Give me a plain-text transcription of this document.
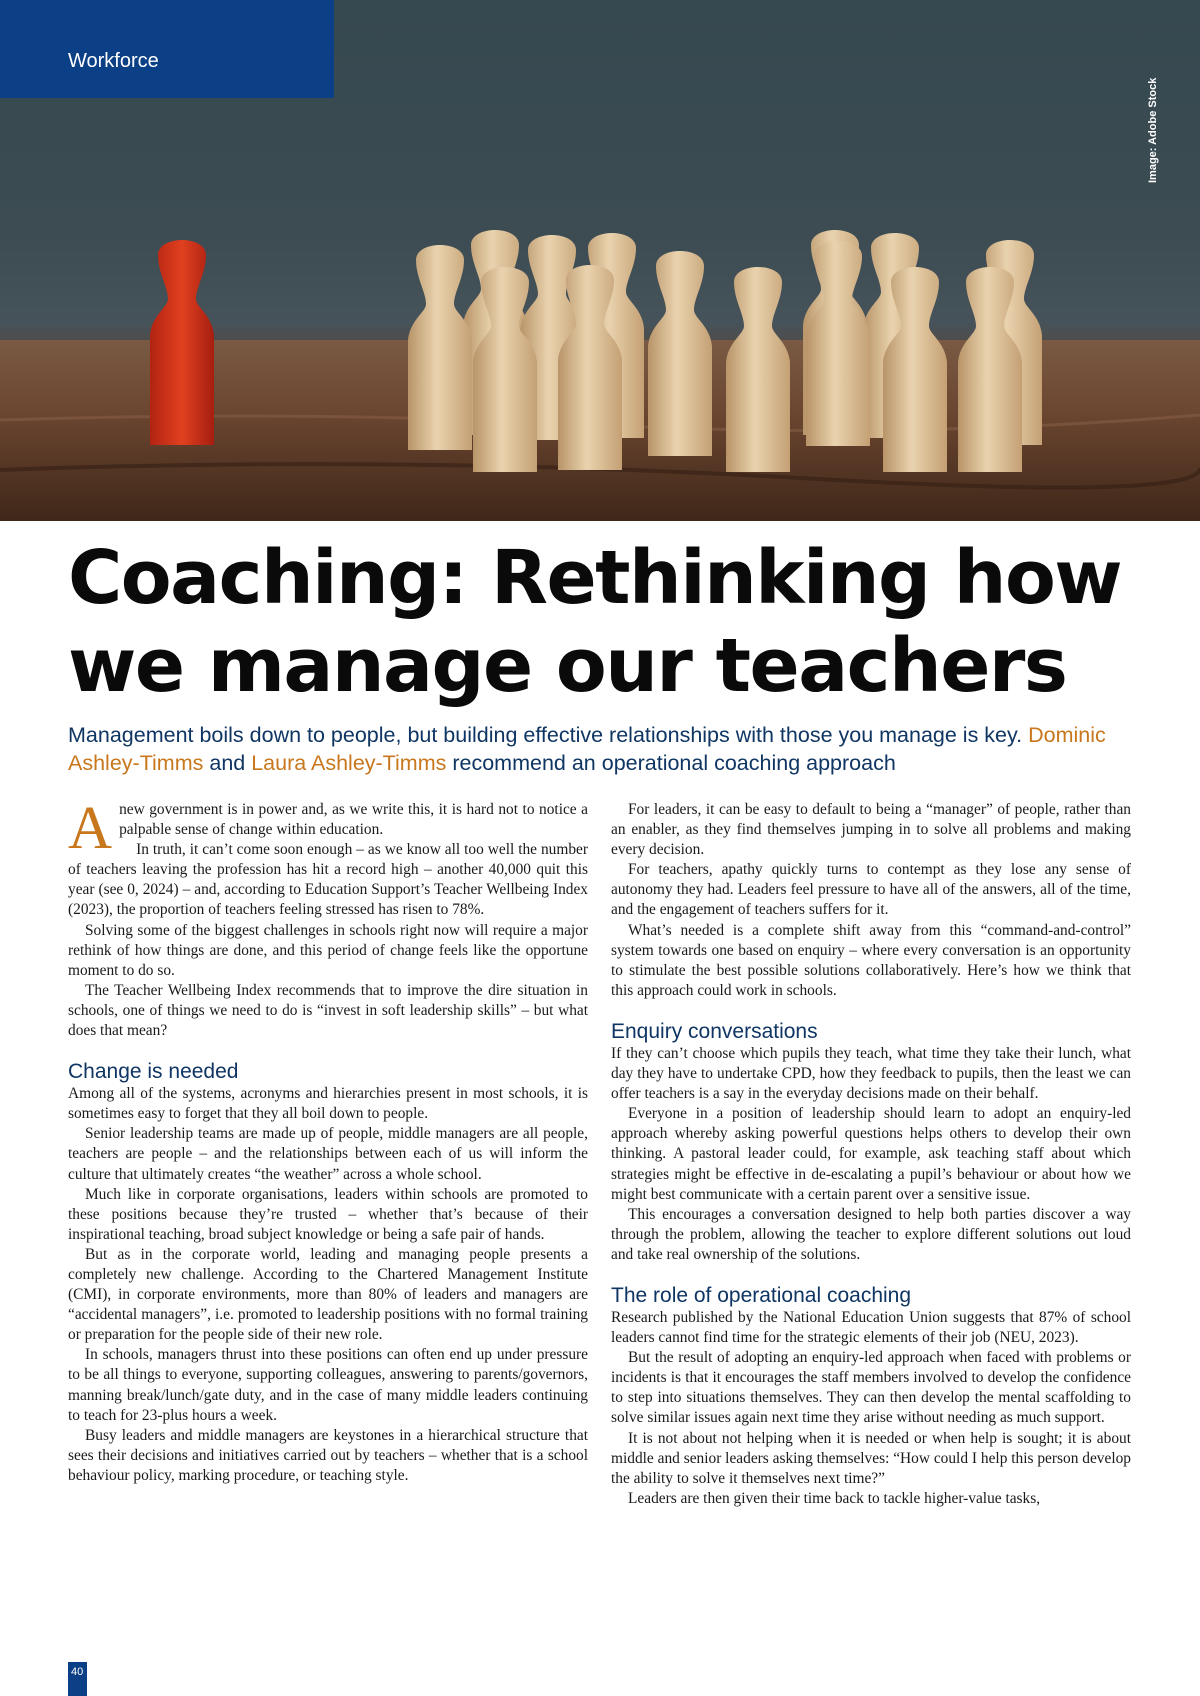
Workforce
Image: Adobe Stock
Coaching: Rethinking how we manage our teachers

Management boils down to people, but building effective relationships with those you manage is key. Dominic Ashley-Timms and Laura Ashley-Timms recommend an operational coaching approach

Anew government is in power and, as we write this, it is hard not to notice a palpable sense of change within education.

In truth, it can’t come soon enough – as we know all too well the number of teachers leaving the profession has hit a record high – another 40,000 quit this year (see 0, 2024) – and, according to Education Support’s Teacher Wellbeing Index (2023), the proportion of teachers feeling stressed has risen to 78%.

Solving some of the biggest challenges in schools right now will require a major rethink of how things are done, and this period of change feels like the opportune moment to do so.

The Teacher Wellbeing Index recommends that to improve the dire situation in schools, one of things we need to do is “invest in soft leadership skills” – but what does that mean?

Change is needed

Among all of the systems, acronyms and hierarchies present in most schools, it is sometimes easy to forget that they all boil down to people.

Senior leadership teams are made up of people, middle managers are all people, teachers are people – and the relationships between each of us will inform the culture that ultimately creates “the weather” across a whole school.

Much like in corporate organisations, leaders within schools are promoted to these positions because they’re trusted – whether that’s because of their inspirational teaching, broad subject knowledge or being a safe pair of hands.

But as in the corporate world, leading and managing people presents a completely new challenge. According to the Chartered Management Institute (CMI), in corporate environments, more than 80% of leaders and managers are “accidental managers”, i.e. promoted to leadership positions with no formal training or preparation for the people side of their new role.

In schools, managers thrust into these positions can often end up under pressure to be all things to everyone, supporting colleagues, answering to parents/governors, manning break/lunch/gate duty, and in the case of many middle leaders continuing to teach for 23-plus hours a week.

Busy leaders and middle managers are keystones in a hierarchical structure that sees their decisions and initiatives carried out by teachers – whether that is a school behaviour policy, marking procedure, or teaching style.

For leaders, it can be easy to default to being a “manager” of people, rather than an enabler, as they find themselves jumping in to solve all problems and making every decision.

For teachers, apathy quickly turns to contempt as they lose any sense of autonomy they had. Leaders feel pressure to have all of the answers, all of the time, and the engagement of teachers suffers for it.

What’s needed is a complete shift away from this “command-and-control” system towards one based on enquiry – where every conversation is an opportunity to stimulate the best possible solutions collaboratively. Here’s how we think that this approach could work in schools.

Enquiry conversations

If they can’t choose which pupils they teach, what time they take their lunch, what day they have to undertake CPD, how they feedback to pupils, then the least we can offer teachers is a say in the everyday decisions made on their behalf.

Everyone in a position of leadership should learn to adopt an enquiry-led approach whereby asking powerful questions helps others to develop their own thinking. A pastoral leader could, for example, ask teaching staff about which strategies might be effective in de-escalating a pupil’s behaviour or about how we might best communicate with a certain parent over a sensitive issue.

This encourages a conversation designed to help both parties discover a way through the problem, allowing the teacher to explore different solutions out loud and take real ownership of the solutions.

The role of operational coaching

Research published by the National Education Union suggests that 87% of school leaders cannot find time for the strategic elements of their job (NEU, 2023).

But the result of adopting an enquiry-led approach when faced with problems or incidents is that it encourages the staff members involved to develop the confidence to step into situations themselves. They can then develop the mental scaffolding to solve similar issues again next time they arise without needing as much support.

It is not about not helping when it is needed or when help is sought; it is about middle and senior leaders asking themselves: “How could I help this person develop the ability to solve it themselves next time?”

Leaders are then given their time back to tackle higher-value tasks,

40
